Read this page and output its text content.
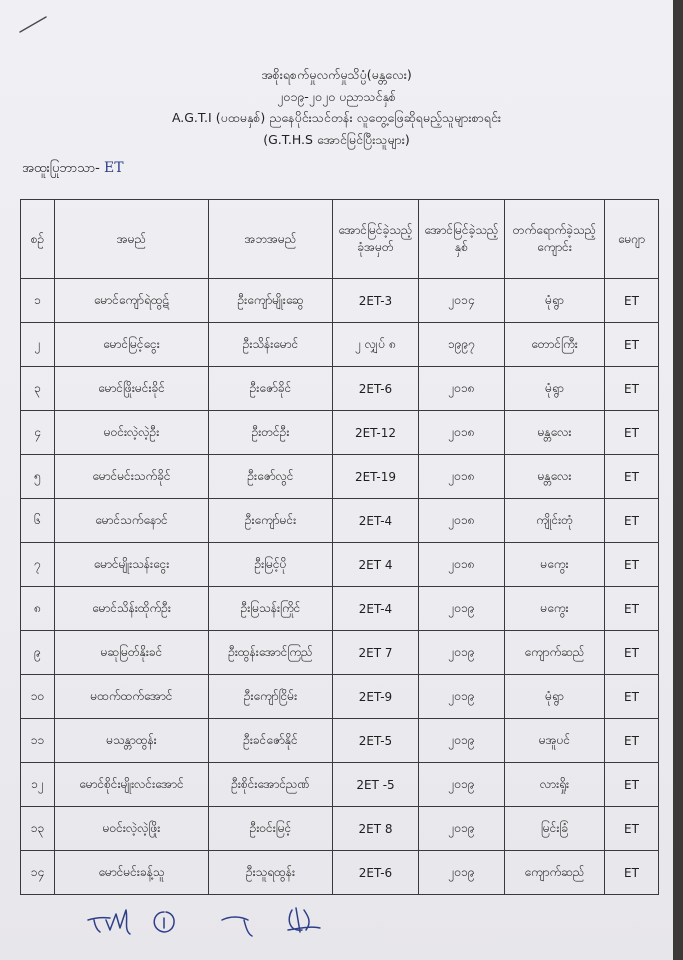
အစိုးရစက်မှုလက်မှုသိပ္ပံ(မန္တလေး)
၂၀၁၉-၂၀၂၀ ပညာသင်နှစ်
A.G.T.I (ပထမနှစ်) ညနေပိုင်းသင်တန်း လူတွေ့ဖြေဆိုရမည့်သူများစာရင်း
(G.T.H.S အောင်မြင်ပြီးသူများ)
အထူးပြုဘာသာ- ET
စဉ်	အမည်	အဘအမည်	အောင်မြင်ခဲ့သည့် ခုံအမှတ်	အောင်မြင်ခဲ့သည့် နှစ်	တက်ရောက်ခဲ့သည့်ကျောင်း	မေဂျာ
၁	မောင်ကျော်ရဲထွဋ်	ဦးကျော်မျိုးဆွေ	2ET-3	၂၀၁၄	မုံရွာ	ET
၂	မောင်မြင့်ငွေး	ဦးသိန်းမောင်	၂ လျှပ် ၈	၁၉၉၇	တောင်ကြီး	ET
၃	မောင်ဖြိုးမင်းခိုင်	ဦးဇော်ခိုင်	2ET-6	၂၀၁၈	မုံရွာ	ET
၄	မဝင်းလဲ့လဲ့ဦး	ဦးတင်ဦး	2ET-12	၂၀၁၈	မန္တလေး	ET
၅	မောင်မင်းသက်ခိုင်	ဦးဇော်လွင်	2ET-19	၂၀၁၈	မန္တလေး	ET
၆	မောင်သက်နောင်	ဦးကျော်မင်း	2ET-4	၂၀၁၈	ကျိုင်းတုံ	ET
၇	မောင်မျိုးသန်းငွေး	ဦးမြင့်ပို	2ET 4	၂၀၁၈	မကွေး	ET
၈	မောင်သိန်းထိုက်ဦး	ဦးမြသန်းကြိုင်	2ET-4	၂၀၁၉	မကွေး	ET
၉	မဆုမြတ်နိုးခင်	ဦးထွန်းအောင်ကြည်	2ET 7	၂၀၁၉	ကျောက်ဆည်	ET
၁၀	မထက်ထက်အောင်	ဦးကျော်ငြိမ်း	2ET-9	၂၀၁၉	မုံရွာ	ET
၁၁	မသန္တာထွန်း	ဦးခင်ဇော်နိုင်	2ET-5	၂၀၁၉	မအူပင်	ET
၁၂	မောင်စိုင်းမျိုးလင်းအောင်	ဦးစိုင်းအောင်ညဏ်	2ET -5	၂၀၁၉	လားရှိုး	ET
၁၃	မဝင်းလဲ့လဲ့ဖြိုး	ဦးဝင်းမြင့်	2ET 8	၂၀၁၉	မြင်းခြံ	ET
၁၄	မောင်မင်းခန့်သူ	ဦးသူရထွန်း	2ET-6	၂၀၁၉	ကျောက်ဆည်	ET
